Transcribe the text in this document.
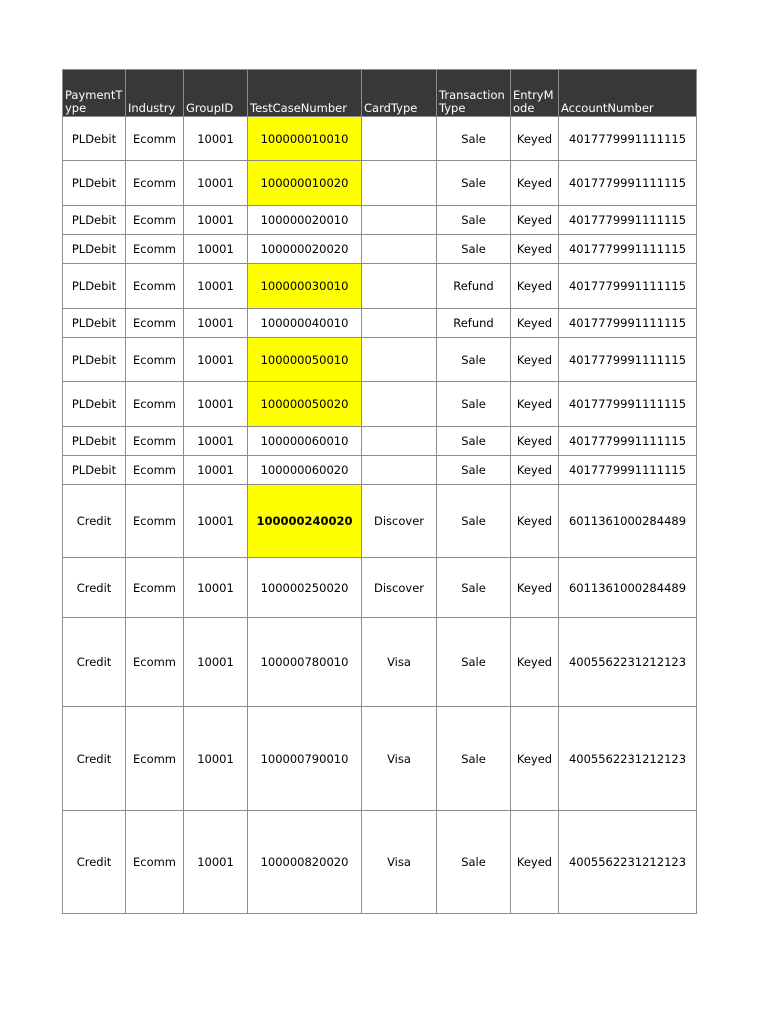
PaymentType	Industry	GroupID	TestCaseNumber	CardType	Transaction Type	EntryMode	AccountNumber
PLDebit	Ecomm	10001	100000010010		Sale	Keyed	4017779991111115
PLDebit	Ecomm	10001	100000010020		Sale	Keyed	4017779991111115
PLDebit	Ecomm	10001	100000020010		Sale	Keyed	4017779991111115
PLDebit	Ecomm	10001	100000020020		Sale	Keyed	4017779991111115
PLDebit	Ecomm	10001	100000030010		Refund	Keyed	4017779991111115
PLDebit	Ecomm	10001	100000040010		Refund	Keyed	4017779991111115
PLDebit	Ecomm	10001	100000050010		Sale	Keyed	4017779991111115
PLDebit	Ecomm	10001	100000050020		Sale	Keyed	4017779991111115
PLDebit	Ecomm	10001	100000060010		Sale	Keyed	4017779991111115
PLDebit	Ecomm	10001	100000060020		Sale	Keyed	4017779991111115
Credit	Ecomm	10001	100000240020	Discover	Sale	Keyed	6011361000284489
Credit	Ecomm	10001	100000250020	Discover	Sale	Keyed	6011361000284489
Credit	Ecomm	10001	100000780010	Visa	Sale	Keyed	4005562231212123
Credit	Ecomm	10001	100000790010	Visa	Sale	Keyed	4005562231212123
Credit	Ecomm	10001	100000820020	Visa	Sale	Keyed	4005562231212123
